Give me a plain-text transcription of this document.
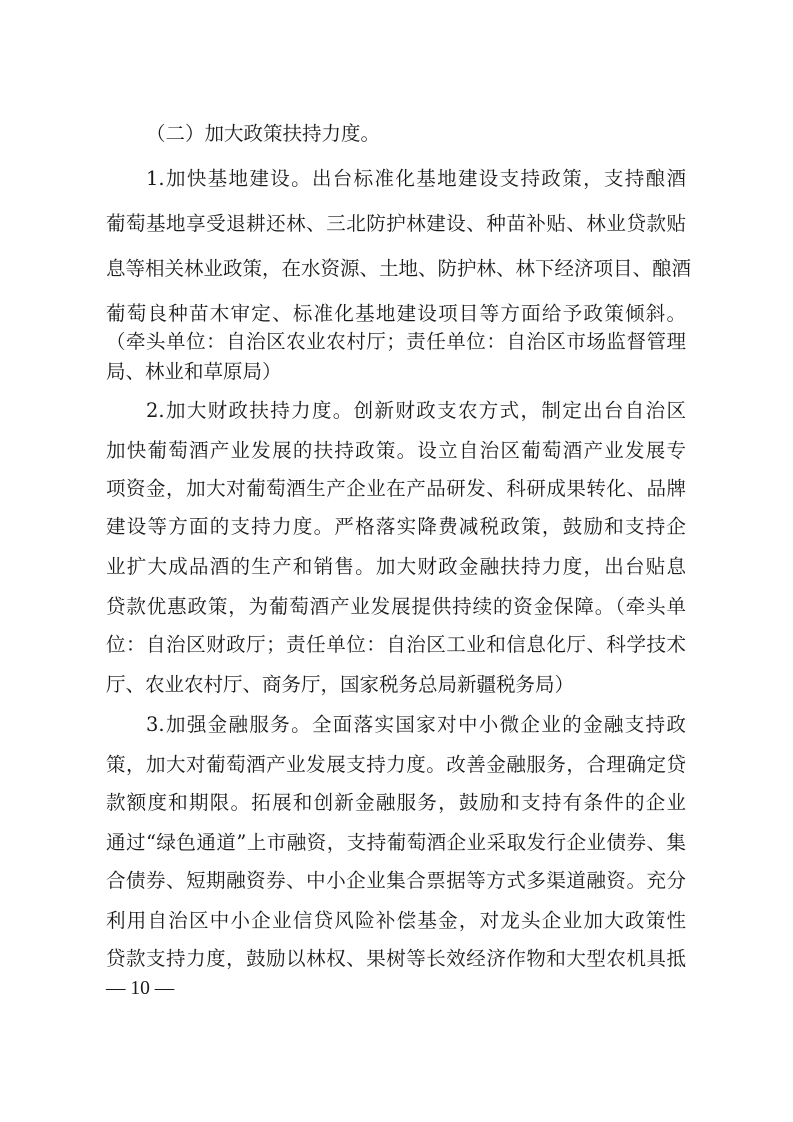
（二）加大政策扶持力度。
1.加快基地建设。出台标准化基地建设支持政策，支持酿酒
葡萄基地享受退耕还林、三北防护林建设、种苗补贴、林业贷款贴
息等相关林业政策，在水资源、土地、防护林、林下经济项目、酿酒
葡萄良种苗木审定、标准化基地建设项目等方面给予政策倾斜。
（牵头单位：自治区农业农村厅；责任单位：自治区市场监督管理
局、林业和草原局）
2.加大财政扶持力度。创新财政支农方式，制定出台自治区
加快葡萄酒产业发展的扶持政策。设立自治区葡萄酒产业发展专
项资金，加大对葡萄酒生产企业在产品研发、科研成果转化、品牌
建设等方面的支持力度。严格落实降费减税政策，鼓励和支持企
业扩大成品酒的生产和销售。加大财政金融扶持力度，出台贴息
贷款优惠政策，为葡萄酒产业发展提供持续的资金保障。（牵头单
位：自治区财政厅；责任单位：自治区工业和信息化厅、科学技术
厅、农业农村厅、商务厅，国家税务总局新疆税务局）
3.加强金融服务。全面落实国家对中小微企业的金融支持政
策，加大对葡萄酒产业发展支持力度。改善金融服务，合理确定贷
款额度和期限。拓展和创新金融服务，鼓励和支持有条件的企业
通过“绿色通道”上市融资，支持葡萄酒企业采取发行企业债券、集
合债券、短期融资券、中小企业集合票据等方式多渠道融资。充分
利用自治区中小企业信贷风险补偿基金，对龙头企业加大政策性
贷款支持力度，鼓励以林权、果树等长效经济作物和大型农机具抵
— 10 —
